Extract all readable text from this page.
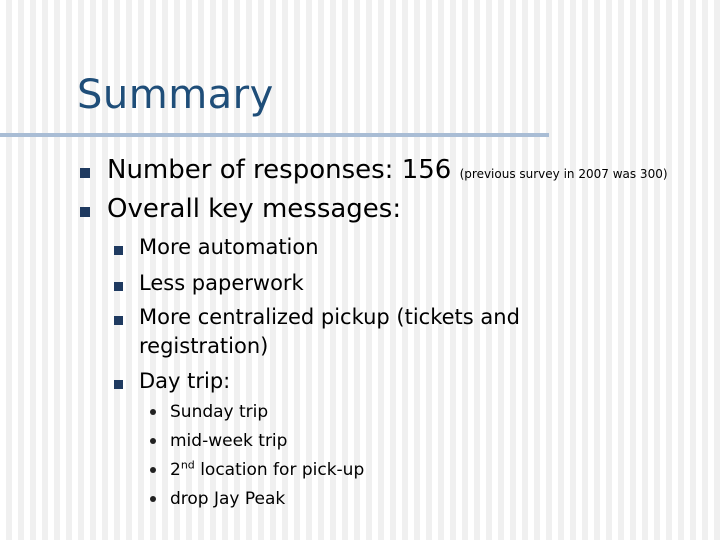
Summary
Number of responses: 156 (previous survey in 2007 was 300)
Overall key messages:
More automation
Less paperwork
More centralized pickup (tickets and
registration)
Day trip:
Sunday trip
mid-week trip
2nd location for pick-up
drop Jay Peak
